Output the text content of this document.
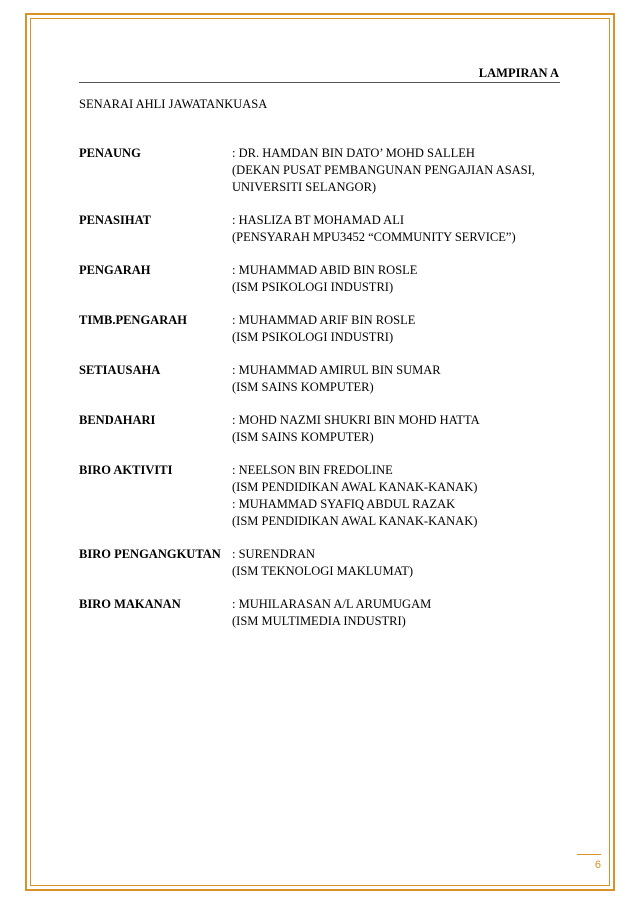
LAMPIRAN A
SENARAI AHLI JAWATANKUASA
PENAUNG	: DR. HAMDAN BIN DATO’ MOHD SALLEH
(DEKAN PUSAT PEMBANGUNAN PENGAJIAN ASASI,
UNIVERSITI SELANGOR)
PENASIHAT	: HASLIZA BT MOHAMAD ALI
(PENSYARAH MPU3452 “COMMUNITY SERVICE”)
PENGARAH	: MUHAMMAD ABID BIN ROSLE
(ISM PSIKOLOGI INDUSTRI)
TIMB.PENGARAH	: MUHAMMAD ARIF BIN ROSLE
(ISM PSIKOLOGI INDUSTRI)
SETIAUSAHA	: MUHAMMAD AMIRUL BIN SUMAR
(ISM SAINS KOMPUTER)
BENDAHARI	: MOHD NAZMI SHUKRI BIN MOHD HATTA
(ISM SAINS KOMPUTER)
BIRO AKTIVITI	: NEELSON BIN FREDOLINE
(ISM PENDIDIKAN AWAL KANAK-KANAK)
: MUHAMMAD SYAFIQ ABDUL RAZAK
(ISM PENDIDIKAN AWAL KANAK-KANAK)
BIRO PENGANGKUTAN : SURENDRAN
(ISM TEKNOLOGI MAKLUMAT)
BIRO MAKANAN	: MUHILARASAN A/L ARUMUGAM
(ISM MULTIMEDIA INDUSTRI)
6
